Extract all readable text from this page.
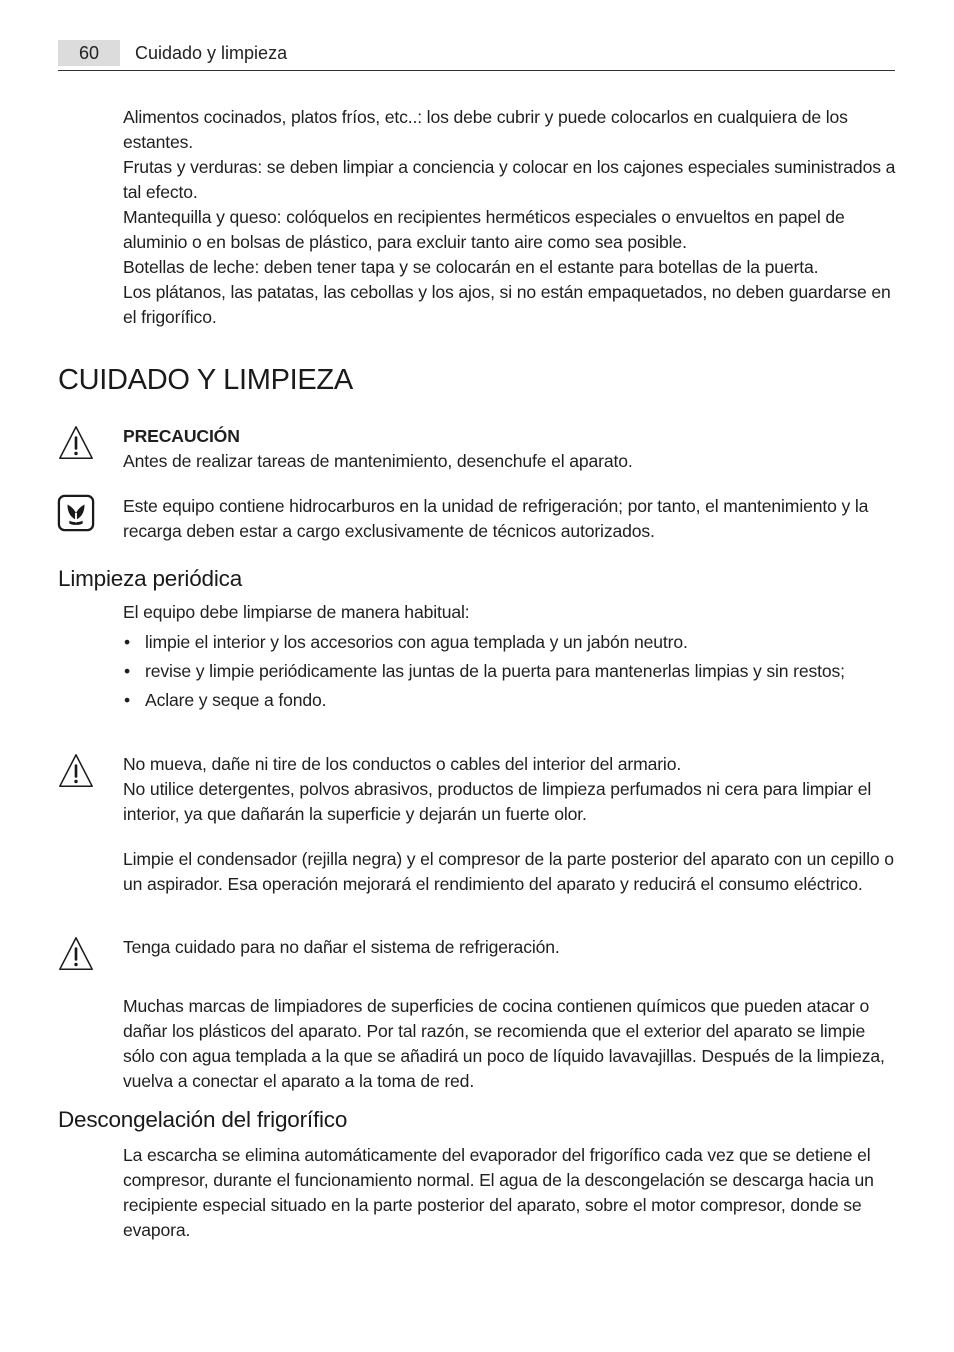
60	Cuidado y limpieza

Alimentos cocinados, platos fríos, etc..: los debe cubrir y puede colocarlos en cualquiera de los estantes.

Frutas y verduras: se deben limpiar a conciencia y colocar en los cajones especiales suministrados a tal efecto.

Mantequilla y queso: colóquelos en recipientes herméticos especiales o envueltos en papel de aluminio o en bolsas de plástico, para excluir tanto aire como sea posible.

Botellas de leche: deben tener tapa y se colocarán en el estante para botellas de la puerta.

Los plátanos, las patatas, las cebollas y los ajos, si no están empaquetados, no deben guardarse en el frigorífico.

CUIDADO Y LIMPIEZA

PRECAUCIÓN

Antes de realizar tareas de mantenimiento, desenchufe el aparato.

Este equipo contiene hidrocarburos en la unidad de refrigeración; por tanto, el mantenimiento y la recarga deben estar a cargo exclusivamente de técnicos autorizados.
Limpieza periódica
El equipo debe limpiarse de manera habitual:
• limpie el interior y los accesorios con agua templada y un jabón neutro.
• revise y limpie periódicamente las juntas de la puerta para mantenerlas limpias y sin restos;
• Aclare y seque a fondo.

No mueva, dañe ni tire de los conductos o cables del interior del armario.

No utilice detergentes, polvos abrasivos, productos de limpieza perfumados ni cera para limpiar el interior, ya que dañarán la superficie y dejarán un fuerte olor.

Limpie el condensador (rejilla negra) y el compresor de la parte posterior del aparato con un cepillo o un aspirador. Esa operación mejorará el rendimiento del aparato y reducirá el consumo eléctrico.
Tenga cuidado para no dañar el sistema de refrigeración.
Muchas marcas de limpiadores de superficies de cocina contienen químicos que pueden atacar o dañar los plásticos del aparato. Por tal razón, se recomienda que el exterior del aparato se limpie sólo con agua templada a la que se añadirá un poco de líquido lavavajillas. Después de la limpieza, vuelva a conectar el aparato a la toma de red.
Descongelación del frigorífico
La escarcha se elimina automáticamente del evaporador del frigorífico cada vez que se detiene el compresor, durante el funcionamiento normal. El agua de la descongelación se descarga hacia un recipiente especial situado en la parte posterior del aparato, sobre el motor compresor, donde se evapora.
